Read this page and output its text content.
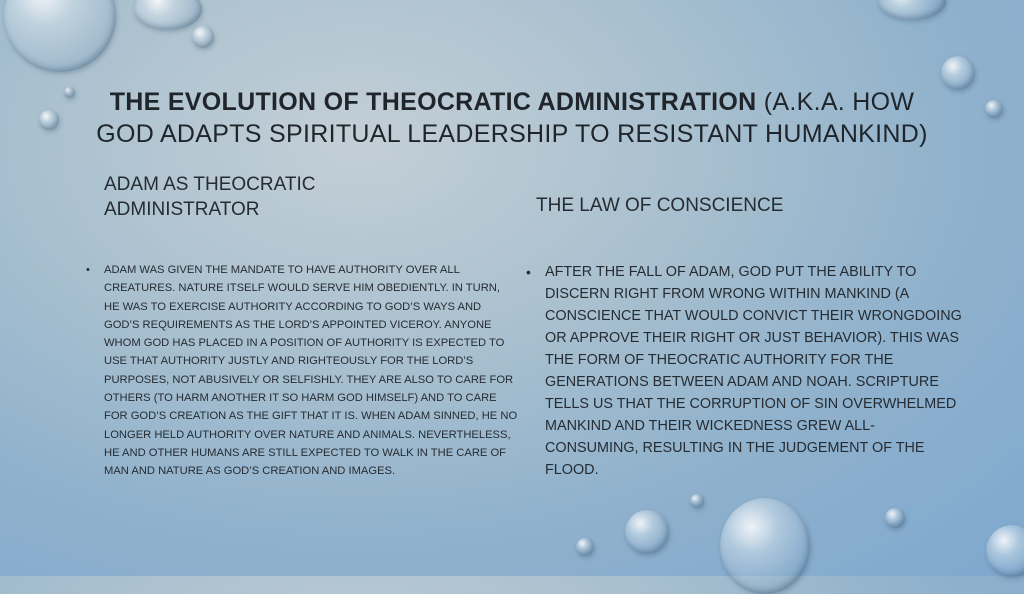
THE EVOLUTION OF THEOCRATIC ADMINISTRATION (A.K.A. HOW
GOD ADAPTS SPIRITUAL LEADERSHIP TO RESISTANT HUMANKIND)
ADAM AS THEOCRATIC
ADMINISTRATOR	THE LAW OF CONSCIENCE
• ADAM WAS GIVEN THE MANDATE TO HAVE AUTHORITY OVER ALL CREATURES. NATURE ITSELF WOULD SERVE HIM OBEDIENTLY. IN TURN, HE WAS TO EXERCISE AUTHORITY ACCORDING TO GOD’S WAYS AND GOD’S REQUIREMENTS AS THE LORD’S APPOINTED VICEROY. ANYONE WHOM GOD HAS PLACED IN A POSITION OF AUTHORITY IS EXPECTED TO USE THAT AUTHORITY JUSTLY AND RIGHTEOUSLY FOR THE LORD’S PURPOSES, NOT ABUSIVELY OR SELFISHLY. THEY ARE ALSO TO CARE FOR OTHERS (TO HARM ANOTHER IT SO HARM GOD HIMSELF) AND TO CARE FOR GOD’S CREATION AS THE GIFT THAT IT IS. WHEN ADAM SINNED, HE NO LONGER HELD AUTHORITY OVER NATURE AND ANIMALS. NEVERTHELESS, HE AND OTHER HUMANS ARE STILL EXPECTED TO WALK IN THE CARE OF MAN AND NATURE AS GOD’S CREATION AND IMAGES.
• AFTER THE FALL OF ADAM, GOD PUT THE ABILITY TO DISCERN RIGHT FROM WRONG WITHIN MANKIND (A CONSCIENCE THAT WOULD CONVICT THEIR WRONGDOING OR APPROVE THEIR RIGHT OR JUST BEHAVIOR). THIS WAS THE FORM OF THEOCRATIC AUTHORITY FOR THE GENERATIONS BETWEEN ADAM AND NOAH. SCRIPTURE TELLS US THAT THE CORRUPTION OF SIN OVERWHELMED MANKIND AND THEIR WICKEDNESS GREW ALL-CONSUMING, RESULTING IN THE JUDGEMENT OF THE FLOOD.
